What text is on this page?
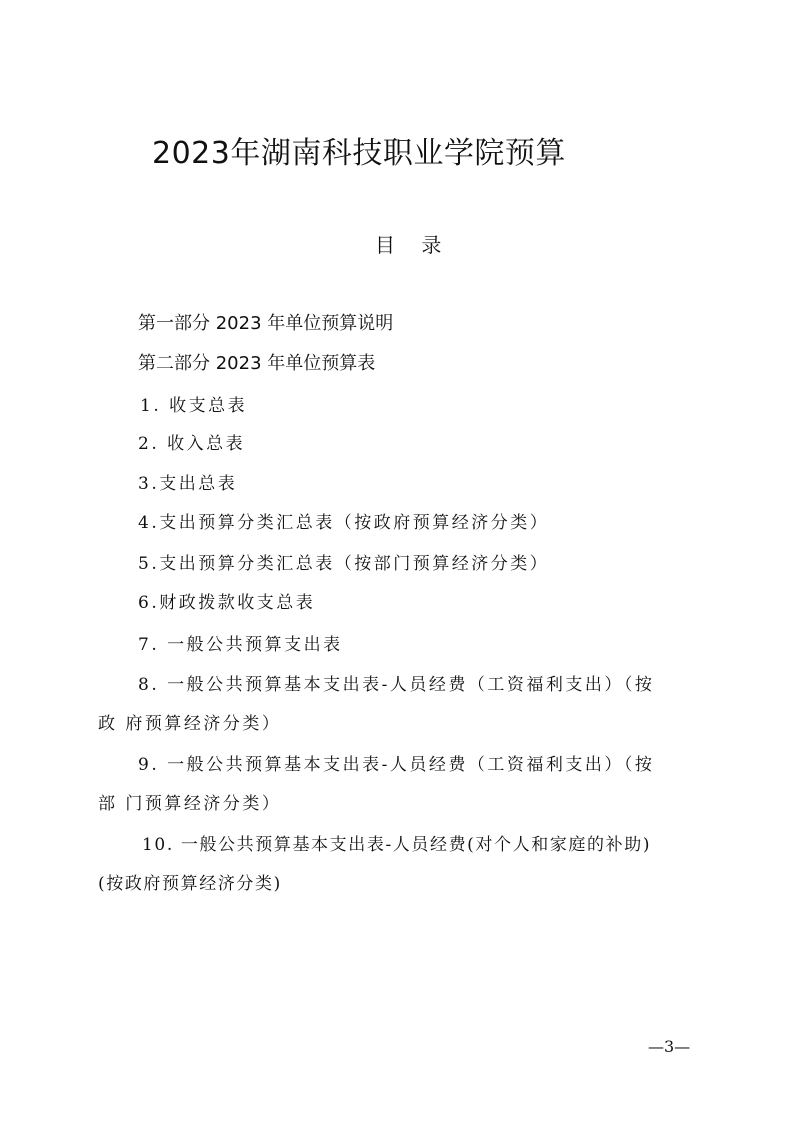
2023年湖南科技职业学院预算
目 录
第一部分 2023 年单位预算说明
第二部分 2023 年单位预算表
1. 收支总表
2. 收入总表
3.支出总表
4.支出预算分类汇总表（按政府预算经济分类）
5.支出预算分类汇总表（按部门预算经济分类）
6.财政拨款收支总表
7. 一般公共预算支出表
8. 一般公共预算基本支出表-人员经费（工资福利支出）（按
政 府预算经济分类）
9. 一般公共预算基本支出表-人员经费（工资福利支出）（按
部 门预算经济分类）
10. 一般公共预算基本支出表-人员经费(对个人和家庭的补助)
(按政府预算经济分类)
—3—
